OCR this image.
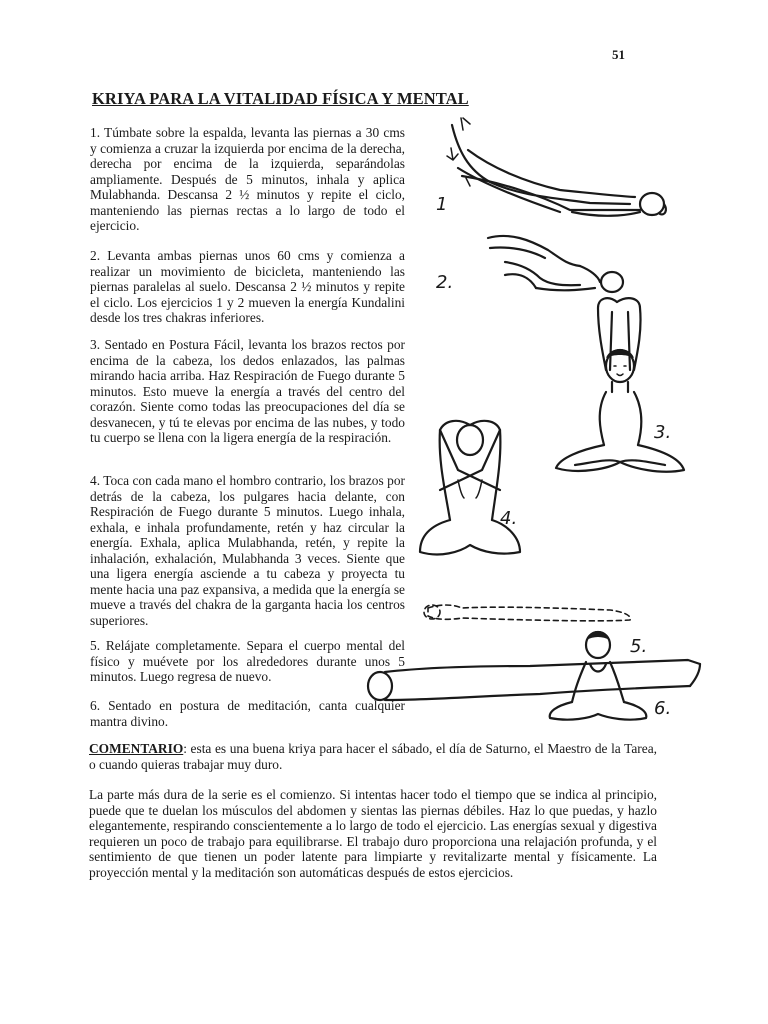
51
KRIYA PARA LA VITALIDAD FÍSICA Y MENTAL

1. Túmbate sobre la espalda, levanta las piernas a 30 cms y comienza a cruzar la izquierda por encima de la derecha, derecha por encima de la izquierda, separándolas ampliamente. Después de 5 minutos, inhala y aplica Mulabhanda. Descansa 2 ½ minutos y repite el ciclo, manteniendo las piernas rectas a lo largo de todo el ejercicio.

2. Levanta ambas piernas unos 60 cms y comienza a realizar un movimiento de bicicleta, manteniendo las piernas paralelas al suelo. Descansa 2 ½ minutos y repite el ciclo. Los ejercicios 1 y 2 mueven la energía Kundalini desde los tres chakras inferiores.

3. Sentado en Postura Fácil, levanta los brazos rectos por encima de la cabeza, los dedos enlazados, las palmas mirando hacia arriba. Haz Respiración de Fuego durante 5 minutos. Esto mueve la energía a través del centro del corazón. Siente como todas las preocupaciones del día se desvanecen, y tú te elevas por encima de las nubes, y todo tu cuerpo se llena con la ligera energía de la respiración.

4. Toca con cada mano el hombro contrario, los brazos por detrás de la cabeza, los pulgares hacia delante, con Respiración de Fuego durante 5 minutos. Luego inhala, exhala, e inhala profundamente, retén y haz circular la energía. Exhala, aplica Mulabhanda, retén, y repite la inhalación, exhalación, Mulabhanda 3 veces. Siente que una ligera energía asciende a tu cabeza y proyecta tu mente hacia una paz expansiva, a medida que la energía se mueve a través del chakra de la garganta hacia los centros superiores.

5. Relájate completamente. Separa el cuerpo mental del físico y muévete por los alrededores durante unos 5 minutos. Luego regresa de nuevo.

6. Sentado en postura de meditación, canta cualquier mantra divino.

COMENTARIO: esta es una buena kriya para hacer el sábado, el día de Saturno, el Maestro de la Tarea, o cuando quieras trabajar muy duro.

La parte más dura de la serie es el comienzo. Si intentas hacer todo el tiempo que se indica al principio, puede que te duelan los músculos del abdomen y sientas las piernas débiles. Haz lo que puedas, y hazlo elegantemente, respirando conscientemente a lo largo de todo el ejercicio. Las energías sexual y digestiva requieren un poco de trabajo para equilibrarse. El trabajo duro proporciona una relajación profunda, y el sentimiento de que tienen un poder latente para limpiarte y revitalizarte mental y físicamente. La proyección mental y la meditación son automáticas después de estos ejercicios.

1
2.
3.
4.
5.
6.
